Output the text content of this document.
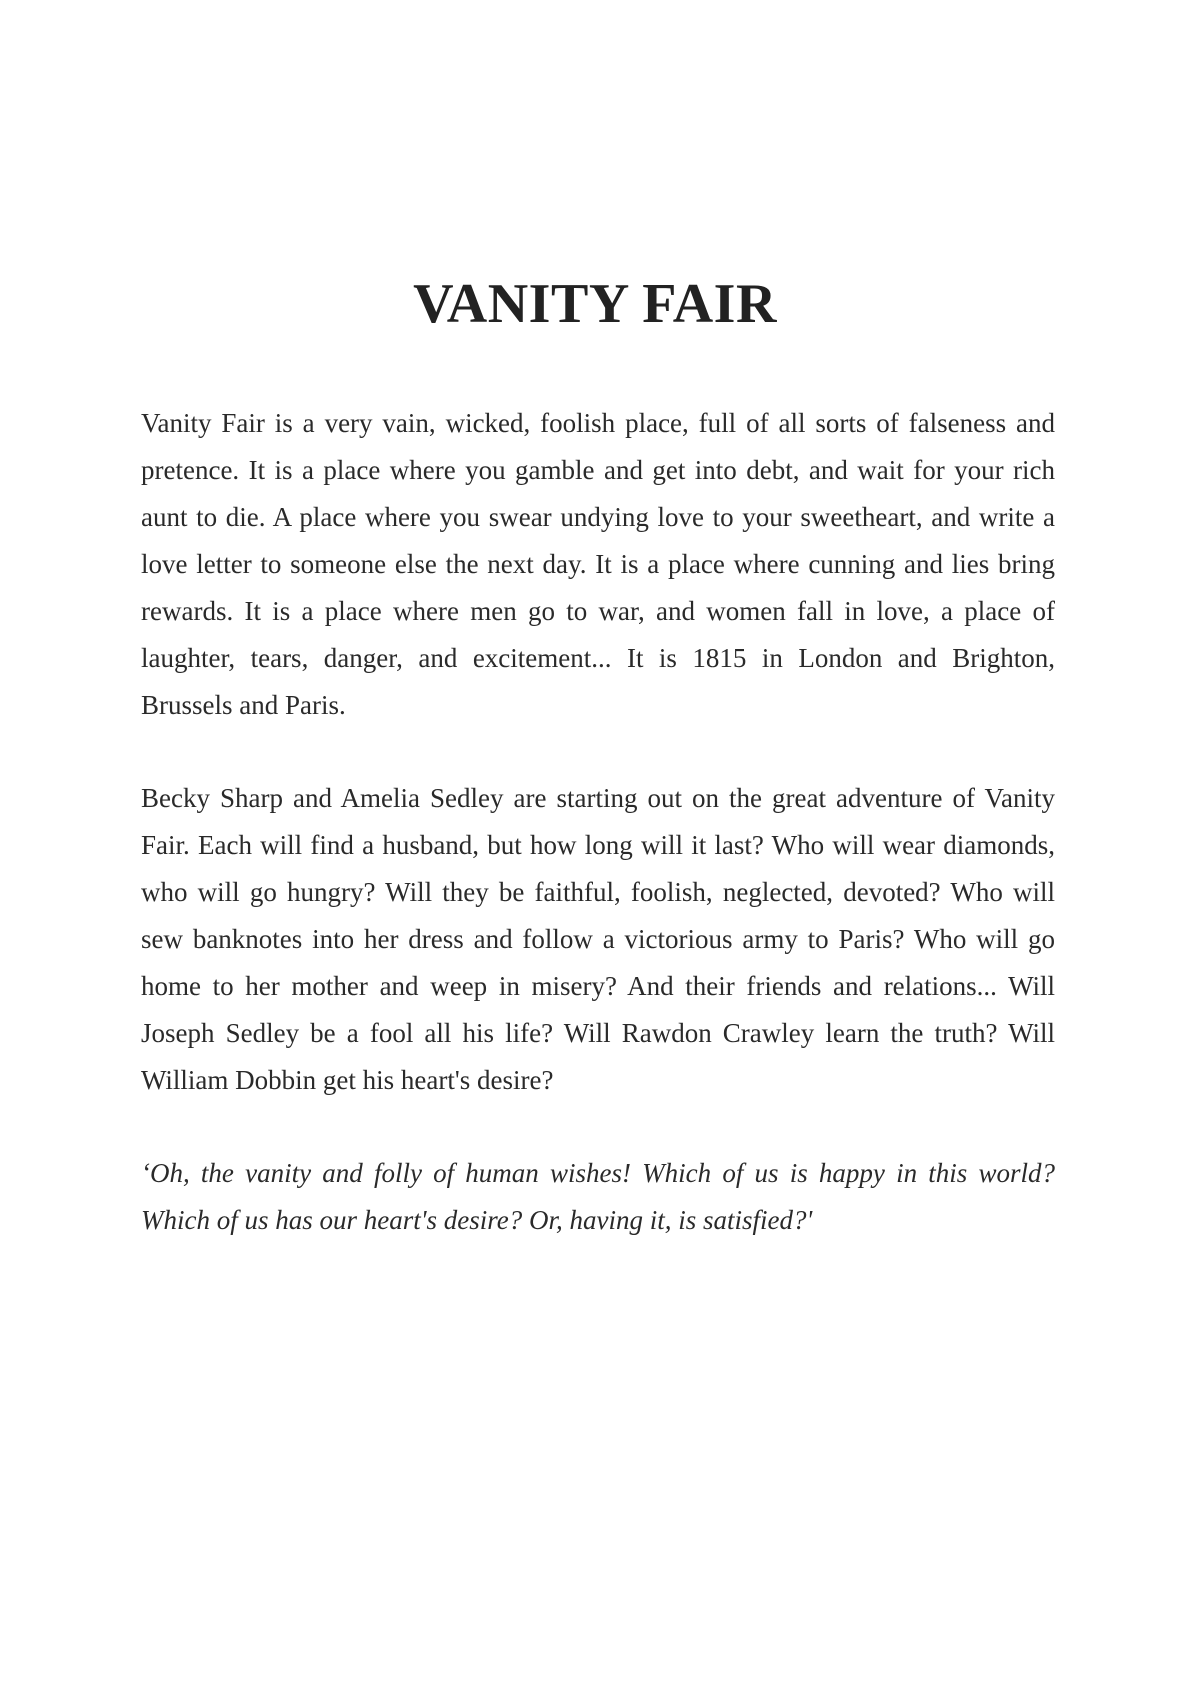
VANITY FAIR

Vanity Fair is a very vain, wicked, foolish place, full of all sorts of falseness and pretence. It is a place where you gamble and get into debt, and wait for your rich aunt to die. A place where you swear undying love to your sweetheart, and write a love letter to someone else the next day. It is a place where cunning and lies bring rewards. It is a place where men go to war, and women fall in love, a place of laughter, tears, danger, and excitement... It is 1815 in London and Brighton, Brussels and Paris.

Becky Sharp and Amelia Sedley are starting out on the great adventure of Vanity Fair. Each will find a husband, but how long will it last? Who will wear diamonds, who will go hungry? Will they be faithful, foolish, neglected, devoted? Who will sew banknotes into her dress and follow a victorious army to Paris? Who will go home to her mother and weep in misery? And their friends and relations... Will Joseph Sedley be a fool all his life? Will Rawdon Crawley learn the truth? Will William Dobbin get his heart's desire?

‘Oh, the vanity and folly of human wishes! Which of us is happy in this world? Which of us has our heart's desire? Or, having it, is satisfied?'
